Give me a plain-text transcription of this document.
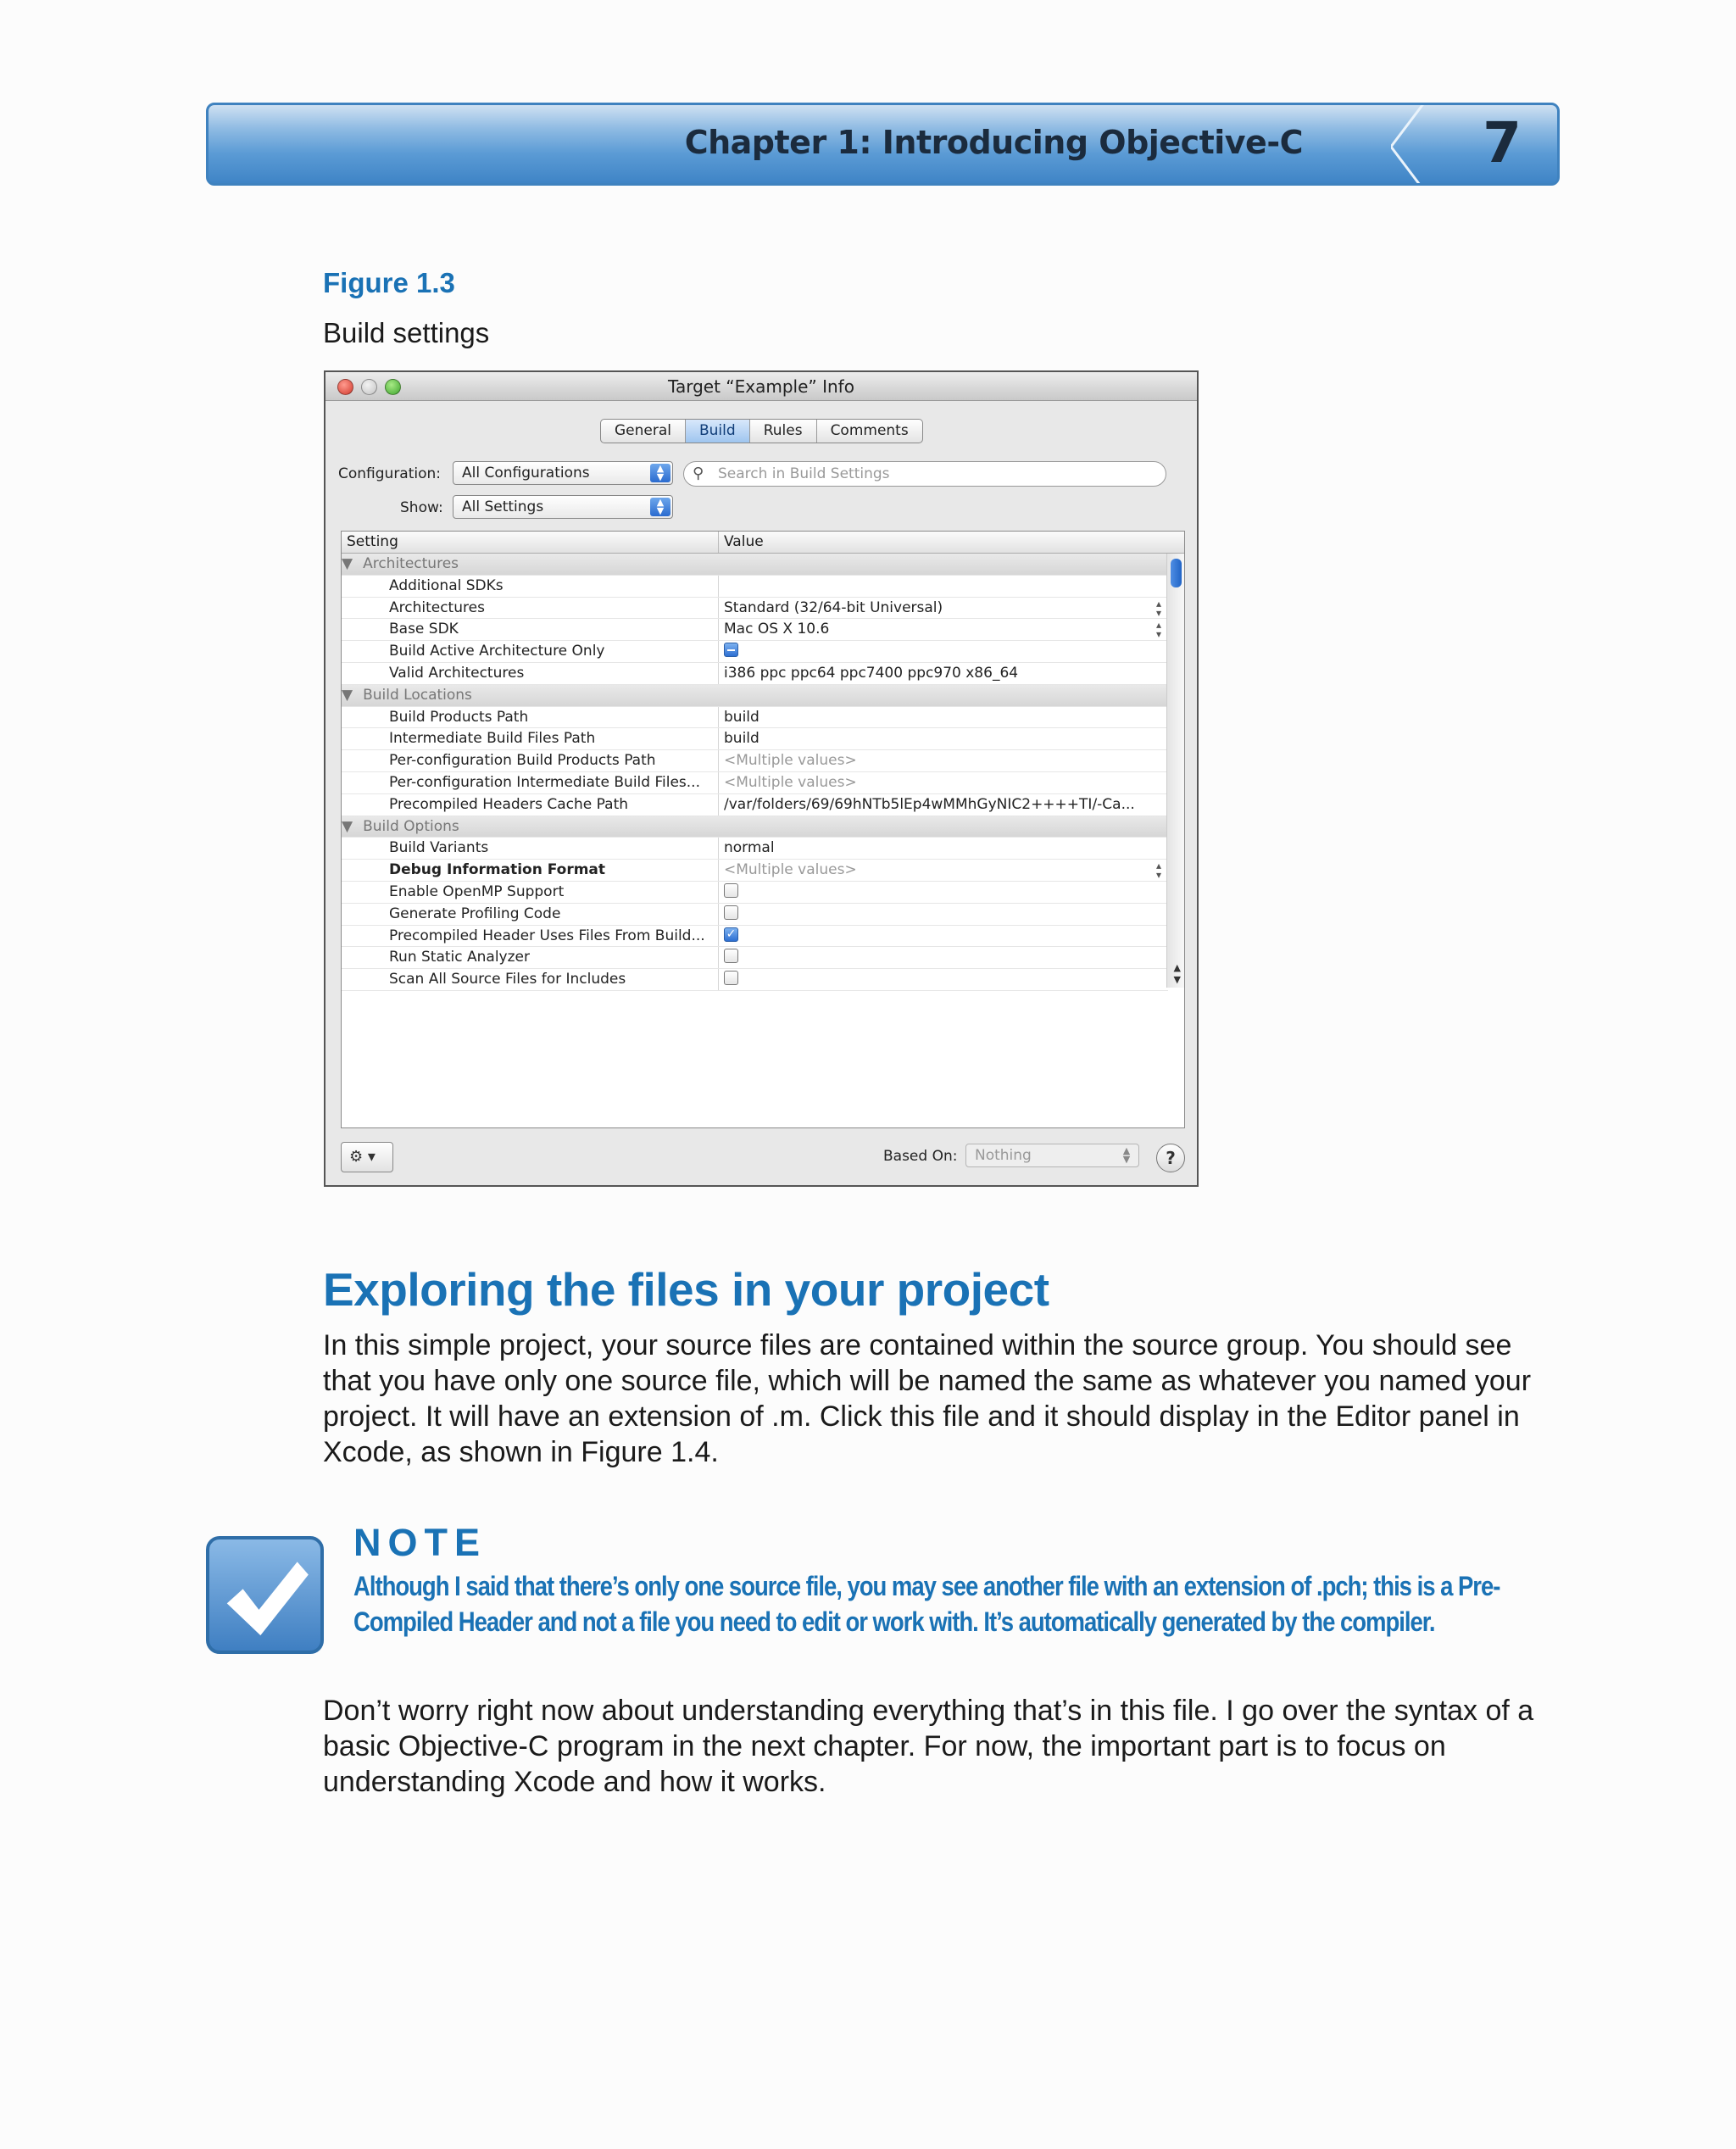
Chapter 1: Introducing Objective-C	7
Figure 1.3
Build settings
Target “Example” Info
General	Build	Rules	Comments
Configuration:	All Configurations	▲
▼	⚲ Search in Build Settings
Show:	All Settings	▲
▼
Setting	Value
▼ Architectures
Additional SDKs
Architectures	Standard (32/64-bit Universal)	▴
▾
Base SDK	Mac OS X 10.6	▴
▾
Build Active Architecture Only
Valid Architectures	i386 ppc ppc64 ppc7400 ppc970 x86_64
▼ Build Locations
Build Products Path	build
Intermediate Build Files Path	build
Per-configuration Build Products Path	<Multiple values>
Per-configuration Intermediate Build Files...	<Multiple values>
Precompiled Headers Cache Path	/var/folders/69/69hNTb5lEp4wMMhGyNIC2++++TI/-Ca...
▼ Build Options
Build Variants	normal
Debug Information Format	<Multiple values>	▴
▾
Enable OpenMP Support
Generate Profiling Code
Precompiled Header Uses Files From Build...	✓
Run Static Analyzer
Scan All Source Files for Includes
▲
▼
⚙ ▾	Based On:	Nothing	▲
▼	?
Exploring the files in your project
In this simple project, your source files are contained within the source group. You should see that you have only one source file, which will be named the same as whatever you named your project. It will have an extension of .m. Click this file and it should display in the Editor panel in Xcode, as shown in Figure 1.4.
NOTE
Although I said that there’s only one source file, you may see another file with an extension of .pch; this is a Pre-Compiled Header and not a file you need to edit or work with. It’s automatically generated by the compiler.
Don’t worry right now about understanding everything that’s in this file. I go over the syntax of a basic Objective-C program in the next chapter. For now, the important part is to focus on understanding Xcode and how it works.
